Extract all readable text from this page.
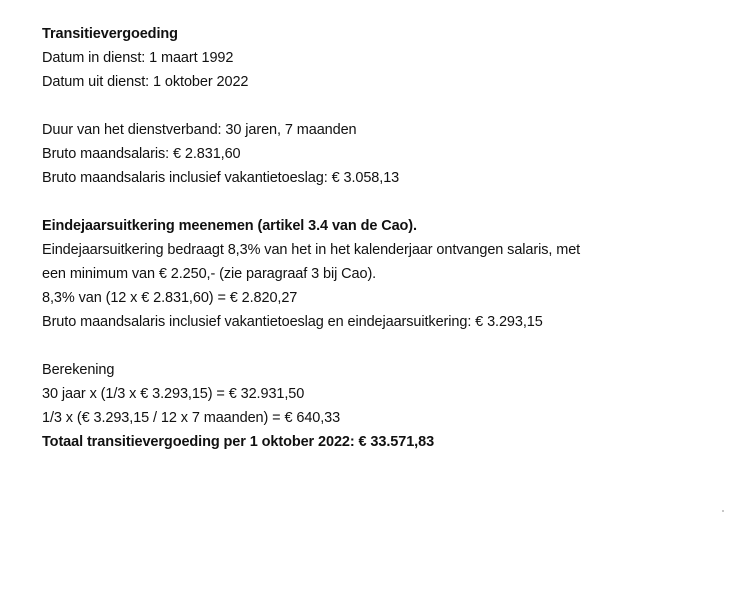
Transitievergoeding
Datum in dienst: 1 maart 1992
Datum uit dienst: 1 oktober 2022
Duur van het dienstverband: 30 jaren, 7 maanden
Bruto maandsalaris: € 2.831,60
Bruto maandsalaris inclusief vakantietoeslag: € 3.058,13
Eindejaarsuitkering meenemen (artikel 3.4 van de Cao).
Eindejaarsuitkering bedraagt 8,3% van het in het kalenderjaar ontvangen salaris, met
een minimum van € 2.250,- (zie paragraaf 3 bij Cao).
8,3% van (12 x € 2.831,60) = € 2.820,27
Bruto maandsalaris inclusief vakantietoeslag en eindejaarsuitkering: € 3.293,15
Berekening
30 jaar x (1/3 x € 3.293,15) = € 32.931,50
1/3 x (€ 3.293,15 / 12 x 7 maanden) = € 640,33
Totaal transitievergoeding per 1 oktober 2022: € 33.571,83
